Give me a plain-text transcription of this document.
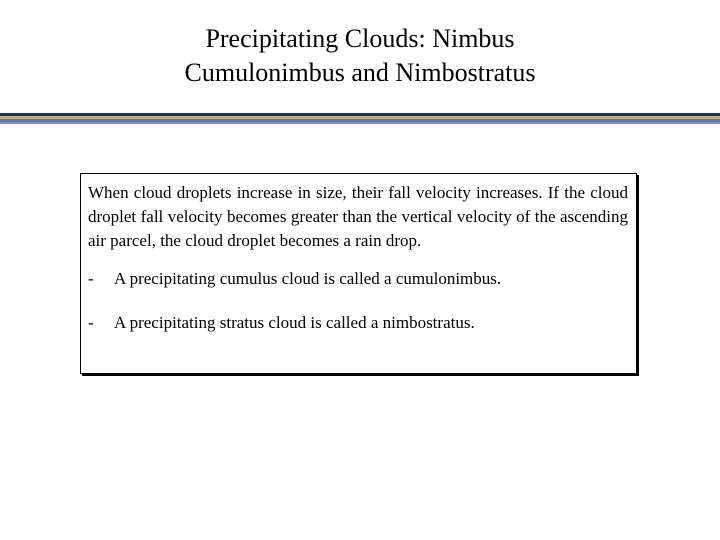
Precipitating Clouds: Nimbus
Cumulonimbus and Nimbostratus

When cloud droplets increase in size, their fall velocity increases. If the cloud droplet fall velocity becomes greater than the vertical velocity of the ascending air parcel, the cloud droplet becomes a rain drop.

-	A precipitating cumulus cloud is called a cumulonimbus.
-	A precipitating stratus cloud is called a nimbostratus.
